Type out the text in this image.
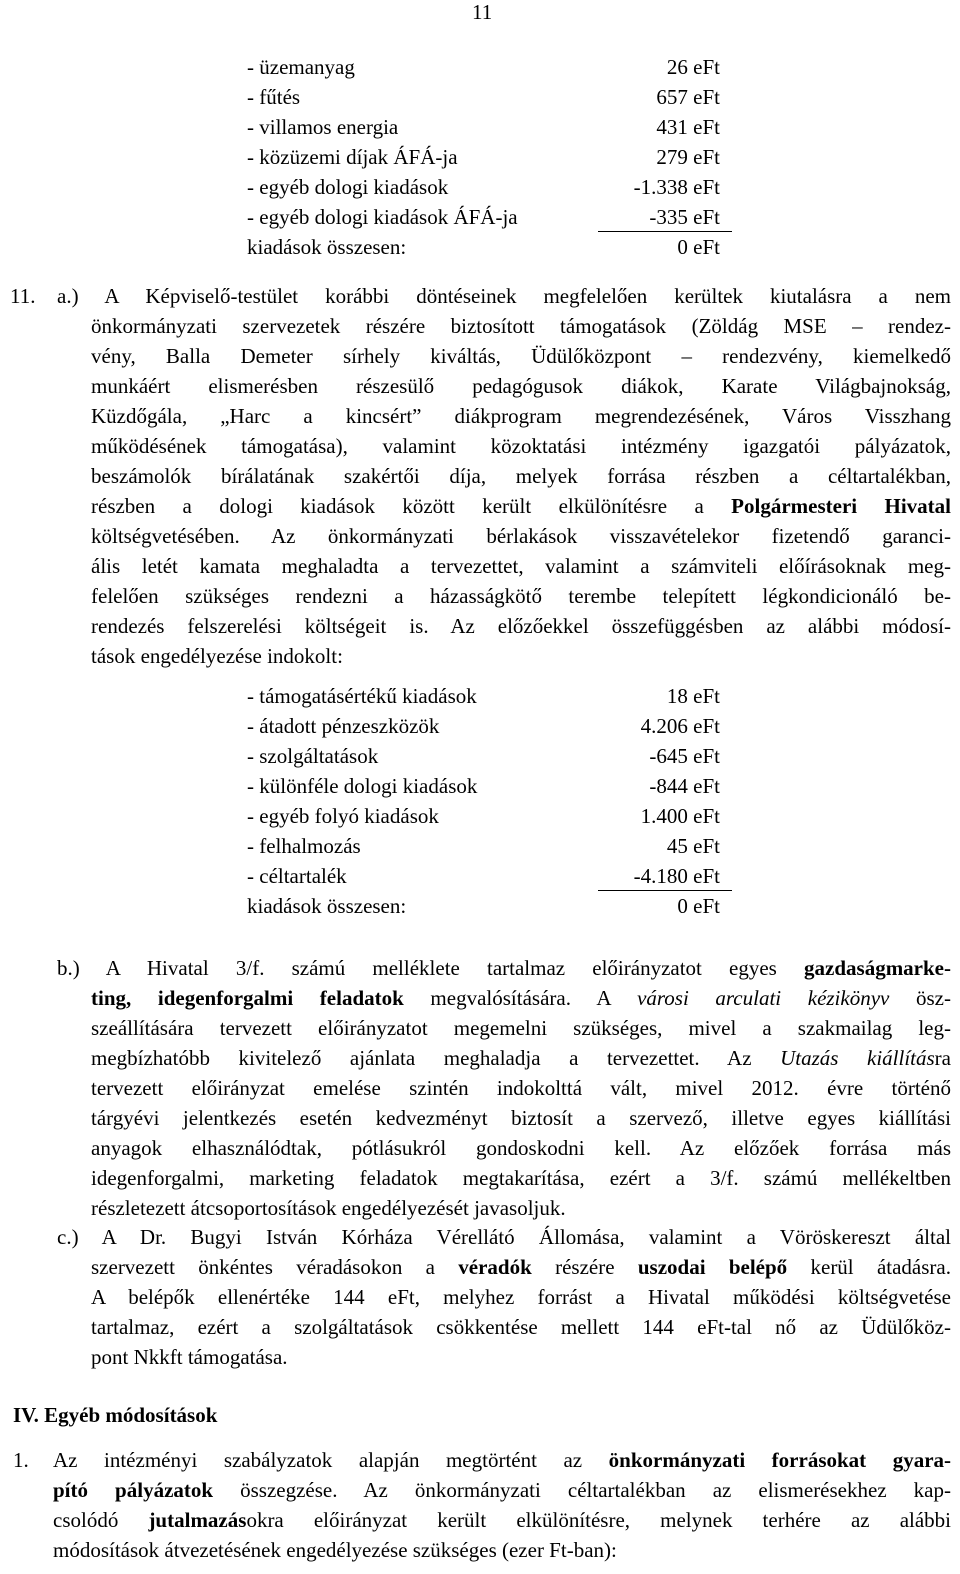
11
- üzemanyag	26 eFt
- fűtés	657 eFt
- villamos energia	431 eFt
- közüzemi díjak ÁFÁ-ja	279 eFt
- egyéb dologi kiadások	-1.338 eFt
- egyéb dologi kiadások ÁFÁ-ja	-335 eFt
kiadások összesen:	0 eFt
11. a.) A Képviselő-testület korábbi döntéseinek megfelelően kerültek kiutalásra a nem
önkormányzati szervezetek részére biztosított támogatások (Zöldág MSE – rendez-
vény, Balla Demeter sírhely kiváltás, Üdülőközpont – rendezvény, kiemelkedő
munkáért elismerésben részesülő pedagógusok diákok, Karate Világbajnokság,
Küzdőgála, „Harc a kincsért” diákprogram megrendezésének, Város Visszhang
működésének támogatása), valamint közoktatási intézmény igazgatói pályázatok,
beszámolók bírálatának szakértői díja, melyek forrása részben a céltartalékban,
részben a dologi kiadások között került elkülönítésre a Polgármesteri Hivatal
költségvetésében. Az önkormányzati bérlakások visszavételekor fizetendő garanci-
ális letét kamata meghaladta a tervezettet, valamint a számviteli előírásoknak meg-
felelően szükséges rendezni a házasságkötő terembe telepített légkondicionáló be-
rendezés felszerelési költségeit is. Az előzőekkel összefüggésben az alábbi módosí-
tások engedélyezése indokolt:
- támogatásértékű kiadások	18 eFt
- átadott pénzeszközök	4.206 eFt
- szolgáltatások	-645 eFt
- különféle dologi kiadások	-844 eFt
- egyéb folyó kiadások	1.400 eFt
- felhalmozás	45 eFt
- céltartalék	-4.180 eFt
kiadások összesen:	0 eFt
b.) A Hivatal 3/f. számú melléklete tartalmaz előirányzatot egyes gazdaságmarke-
ting, idegenforgalmi feladatok megvalósítására. A városi arculati kézikönyv ösz-
szeállítására tervezett előirányzatot megemelni szükséges, mivel a szakmailag leg-
megbízhatóbb kivitelező ajánlata meghaladja a tervezettet. Az Utazás kiállításra
tervezett előirányzat emelése szintén indokolttá vált, mivel 2012. évre történő
tárgyévi jelentkezés esetén kedvezményt biztosít a szervező, illetve egyes kiállítási
anyagok elhasználódtak, pótlásukról gondoskodni kell. Az előzőek forrása más
idegenforgalmi, marketing feladatok megtakarítása, ezért a 3/f. számú mellékeltben
részletezett átcsoportosítások engedélyezését javasoljuk.
c.) A Dr. Bugyi István Kórháza Vérellátó Állomása, valamint a Vöröskereszt által
szervezett önkéntes véradásokon a véradók részére uszodai belépő kerül átadásra.
A belépők ellenértéke 144 eFt, melyhez forrást a Hivatal működési költségvetése
tartalmaz, ezért a szolgáltatások csökkentése mellett 144 eFt-tal nő az Üdülőköz-
pont Nkkft támogatása.
IV. Egyéb módosítások
1. Az intézményi szabályzatok alapján megtörtént az önkormányzati forrásokat gyara-
pító pályázatok összegzése. Az önkormányzati céltartalékban az elismerésekhez kap-
csolódó jutalmazásokra előirányzat került elkülönítésre, melynek terhére az alábbi
módosítások átvezetésének engedélyezése szükséges (ezer Ft-ban):
